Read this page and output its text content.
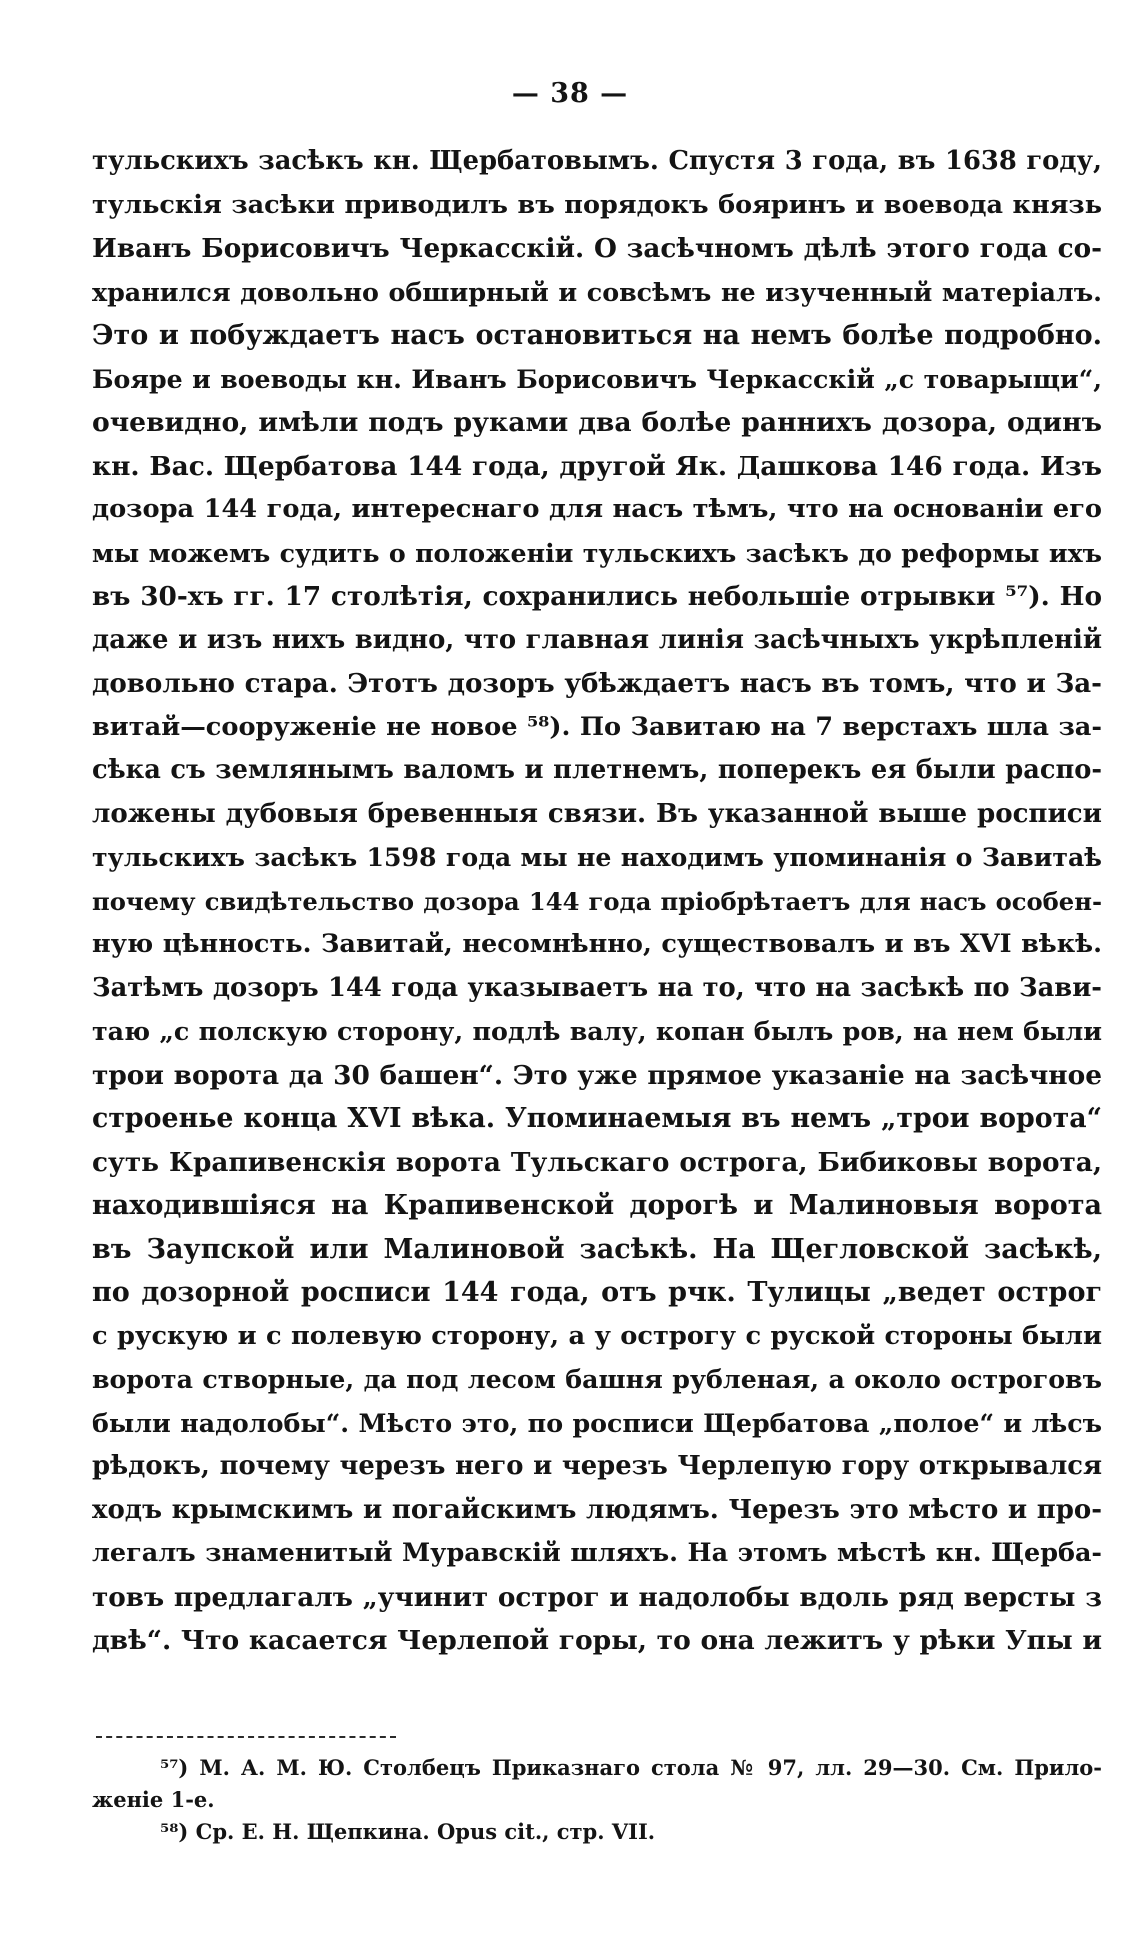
— 38 —
тульскихъ засѣкъ кн. Щербатовымъ. Спустя 3 года, въ 1638 году,
тульскія засѣки приводилъ въ порядокъ бояринъ и воевода князь
Иванъ Борисовичъ Черкасскій. О засѣчномъ дѣлѣ этого года со-
хранился довольно обширный и совсѣмъ не изученный матеріалъ.
Это и побуждаетъ насъ остановиться на немъ болѣе подробно.
Бояре и воеводы кн. Иванъ Борисовичъ Черкасскій „с товарыщи“,
очевидно, имѣли подъ руками два болѣе раннихъ дозора, одинъ
кн. Вас. Щербатова 144 года, другой Як. Дашкова 146 года. Изъ
дозора 144 года, интереснаго для насъ тѣмъ, что на основаніи его
мы можемъ судить о положеніи тульскихъ засѣкъ до реформы ихъ
въ 30-хъ гг. 17 столѣтія, сохранились небольшіе отрывки ⁵⁷). Но
даже и изъ нихъ видно, что главная линія засѣчныхъ укрѣпленій
довольно стара. Этотъ дозоръ убѣждаетъ насъ въ томъ, что и За-
витай—сооруженіе не новое ⁵⁸). По Завитаю на 7 верстахъ шла за-
сѣка съ землянымъ валомъ и плетнемъ, поперекъ ея были распо-
ложены дубовыя бревенныя связи. Въ указанной выше росписи
тульскихъ засѣкъ 1598 года мы не находимъ упоминанія о Завитаѣ
почему свидѣтельство дозора 144 года пріобрѣтаетъ для насъ особен-
ную цѣнность. Завитай, несомнѣнно, существовалъ и въ XVI вѣкѣ.
Затѣмъ дозоръ 144 года указываетъ на то, что на засѣкѣ по Зави-
таю „с полскую сторону, подлѣ валу, копан былъ ров, на нем были
трои ворота да 30 башен“. Это уже прямое указаніе на засѣчное
строенье конца XVI вѣка. Упоминаемыя въ немъ „трои ворота“
суть Крапивенскія ворота Тульскаго острога, Бибиковы ворота,
находившіяся на Крапивенской дорогѣ и Малиновыя ворота
въ Заупской или Малиновой засѣкѣ. На Щегловской засѣкѣ,
по дозорной росписи 144 года, отъ рчк. Тулицы „ведет острог
с рускую и с полевую сторону, а у острогу с руской стороны были
ворота створные, да под лесом башня рубленая, а около остроговъ
были надолобы“. Мѣсто это, по росписи Щербатова „полое“ и лѣсъ
рѣдокъ, почему черезъ него и черезъ Черлепую гору открывался
ходъ крымскимъ и погайскимъ людямъ. Черезъ это мѣсто и про-
легалъ знаменитый Муравскій шляхъ. На этомъ мѣстѣ кн. Щерба-
товъ предлагалъ „учинит острог и надолобы вдоль ряд версты з
двѣ“. Что касается Черлепой горы, то она лежитъ у рѣки Упы и
⁵⁷) М. А. М. Ю. Столбецъ Приказнаго стола № 97, лл. 29—30. См. Прило-
женіе 1-е.
⁵⁸) Ср. Е. Н. Щепкина. Opus cit., стр. VII.
